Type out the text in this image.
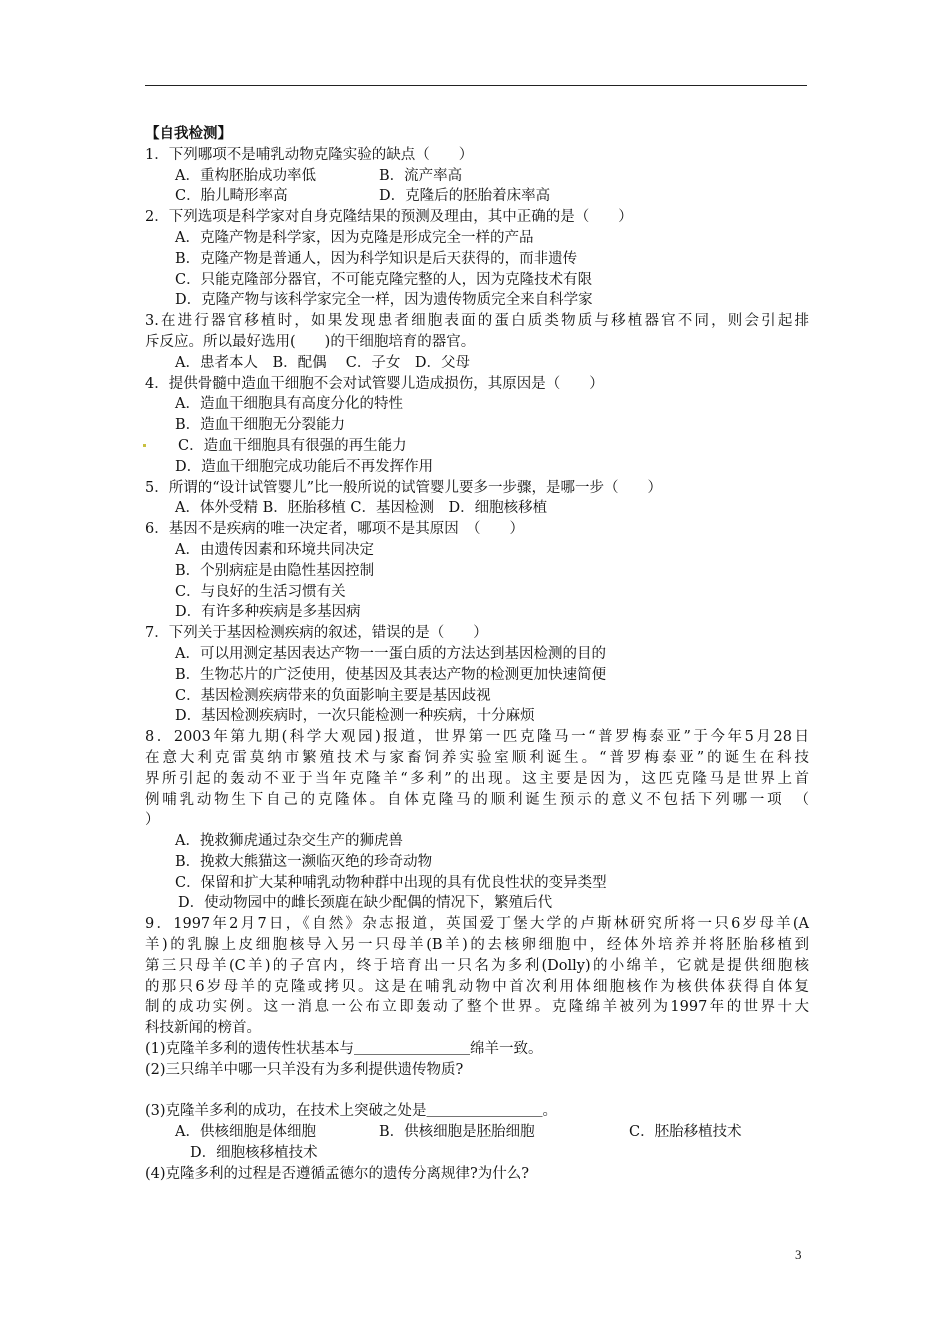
【自我检测】
1．下列哪项不是哺乳动物克隆实验的缺点（　　）
A．重构胚胎成功率低	B．流产率高
C．胎儿畸形率高	D．克隆后的胚胎着床率高
2．下列选项是科学家对自身克隆结果的预测及理由，其中正确的是（　　）
A．克隆产物是科学家，因为克隆是形成完全一样的产品
B．克隆产物是普通人，因为科学知识是后天获得的，而非遗传
C．只能克隆部分器官，不可能克隆完整的人，因为克隆技术有限
D．克隆产物与该科学家完全一样，因为遗传物质完全来自科学家
3.在进行器官移植时，如果发现患者细胞表面的蛋白质类物质与移植器官不同，则会引起排
斥反应。所以最好选用(　　)的干细胞培育的器官。
A．患者本人　B．配偶　 C．子女　D．父母
4．提供骨髓中造血干细胞不会对试管婴儿造成损伤，其原因是（　　）
A．造血干细胞具有高度分化的特性
B．造血干细胞无分裂能力
C．造血干细胞具有很强的再生能力
D．造血干细胞完成功能后不再发挥作用
5．所谓的“设计试管婴儿”比一般所说的试管婴儿要多一步骤，是哪一步（　　）
A．体外受精 B．胚胎移植 C．基因检测　D．细胞核移植
6．基因不是疾病的唯一决定者，哪项不是其原因　（　　）
A．由遗传因素和环境共同决定
B．个别病症是由隐性基因控制
C．与良好的生活习惯有关
D．有许多种疾病是多基因病
7．下列关于基因检测疾病的叙述，错误的是（　　）
A．可以用测定基因表达产物一一蛋白质的方法达到基因检测的目的
B．生物芯片的广泛使用，使基因及其表达产物的检测更加快速简便
C．基因检测疾病带来的负面影响主要是基因歧视
D．基因检测疾病时，一次只能检测一种疾病，十分麻烦
8．2003年第九期(科学大观园)报道，世界第一匹克隆马一“普罗梅泰亚”于今年5月28日
在意大利克雷莫纳市繁殖技术与家畜饲养实验室顺利诞生。“普罗梅泰亚”的诞生在科技
界所引起的轰动不亚于当年克隆羊“多利”的出现。这主要是因为，这匹克隆马是世界上首
例哺乳动物生下自己的克隆体。自体克隆马的顺利诞生预示的意义不包括下列哪一项　（
）
A．挽救狮虎通过杂交生产的狮虎兽
B．挽救大熊猫这一濒临灭绝的珍奇动物
C．保留和扩大某种哺乳动物种群中出现的具有优良性状的变异类型
D．使动物园中的雌长颈鹿在缺少配偶的情况下，繁殖后代
9．1997年2月7日，《自然》杂志报道，英国爱丁堡大学的卢斯林研究所将一只6岁母羊(A
羊)的乳腺上皮细胞核导入另一只母羊(B羊)的去核卵细胞中，经体外培养并将胚胎移植到
第三只母羊(C羊)的子宫内，终于培育出一只名为多利(Dolly)的小绵羊，它就是提供细胞核
的那只6岁母羊的克隆或拷贝。这是在哺乳动物中首次利用体细胞核作为核供体获得自体复
制的成功实例。这一消息一公布立即轰动了整个世界。克隆绵羊被列为1997年的世界十大
科技新闻的榜首。
(1)克隆羊多利的遗传性状基本与＿＿＿＿＿＿＿＿绵羊一致。
(2)三只绵羊中哪一只羊没有为多利提供遗传物质?
(3)克隆羊多利的成功，在技术上突破之处是＿＿＿＿＿＿＿＿。
A．供核细胞是体细胞	B．供核细胞是胚胎细胞	C．胚胎移植技术
D．细胞核移植技术
(4)克隆多利的过程是否遵循孟德尔的遗传分离规律?为什么?
3
